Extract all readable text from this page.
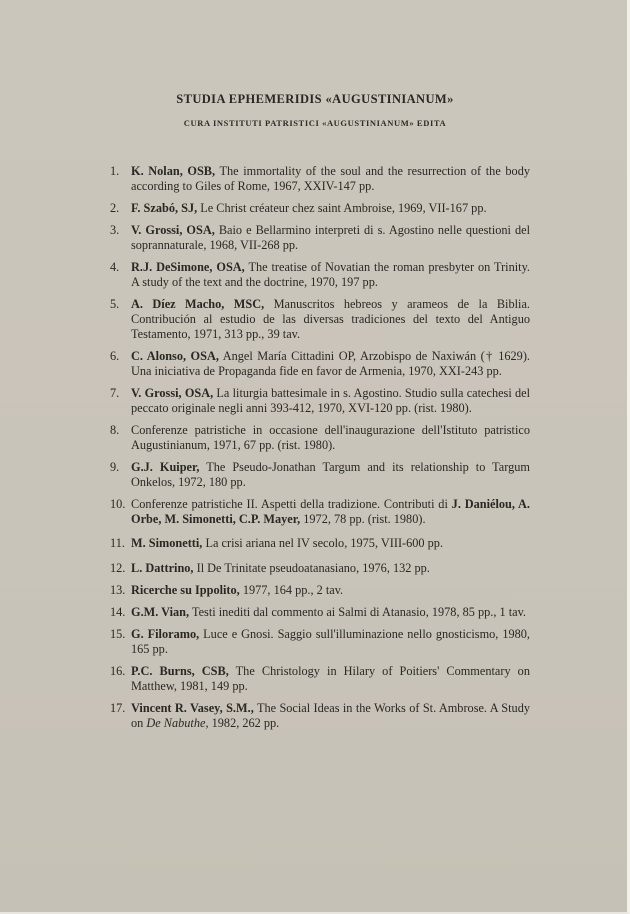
STUDIA EPHEMERIDIS «AUGUSTINIANUM»
CURA INSTITUTI PATRISTICI «AUGUSTINIANUM» EDITA
1. K. Nolan, OSB, The immortality of the soul and the resurrection of the body according to Giles of Rome, 1967, XXIV-147 pp.
2. F. Szabó, SJ, Le Christ créateur chez saint Ambroise, 1969, VII-167 pp.
3. V. Grossi, OSA, Baio e Bellarmino interpreti di s. Agostino nelle questioni del soprannaturale, 1968, VII-268 pp.
4. R.J. DeSimone, OSA, The treatise of Novatian the roman presbyter on Trinity. A study of the text and the doctrine, 1970, 197 pp.
5. A. Díez Macho, MSC, Manuscritos hebreos y arameos de la Biblia. Contribución al estudio de las diversas tradiciones del texto del Antiguo Testamento, 1971, 313 pp., 39 tav.
6. C. Alonso, OSA, Angel María Cittadini OP, Arzobispo de Naxiwán († 1629). Una iniciativa de Propaganda fide en favor de Armenia, 1970, XXI-243 pp.
7. V. Grossi, OSA, La liturgia battesimale in s. Agostino. Studio sulla catechesi del peccato originale negli anni 393-412, 1970, XVI-120 pp. (rist. 1980).
8. Conferenze patristiche in occasione dell'inaugurazione dell'Istituto patristico Augustinianum, 1971, 67 pp. (rist. 1980).
9. G.J. Kuiper, The Pseudo-Jonathan Targum and its relationship to Targum Onkelos, 1972, 180 pp.
10. Conferenze patristiche II. Aspetti della tradizione. Contributi di J. Daniélou, A. Orbe, M. Simonetti, C.P. Mayer, 1972, 78 pp. (rist. 1980).
11. M. Simonetti, La crisi ariana nel IV secolo, 1975, VIII-600 pp.
12. L. Dattrino, Il De Trinitate pseudoatanasiano, 1976, 132 pp.
13. Ricerche su Ippolito, 1977, 164 pp., 2 tav.
14. G.M. Vian, Testi inediti dal commento ai Salmi di Atanasio, 1978, 85 pp., 1 tav.
15. G. Filoramo, Luce e Gnosi. Saggio sull'illuminazione nello gnosticismo, 1980, 165 pp.
16. P.C. Burns, CSB, The Christology in Hilary of Poitiers' Commentary on Matthew, 1981, 149 pp.
17. Vincent R. Vasey, S.M., The Social Ideas in the Works of St. Ambrose. A Study on De Nabuthe, 1982, 262 pp.
